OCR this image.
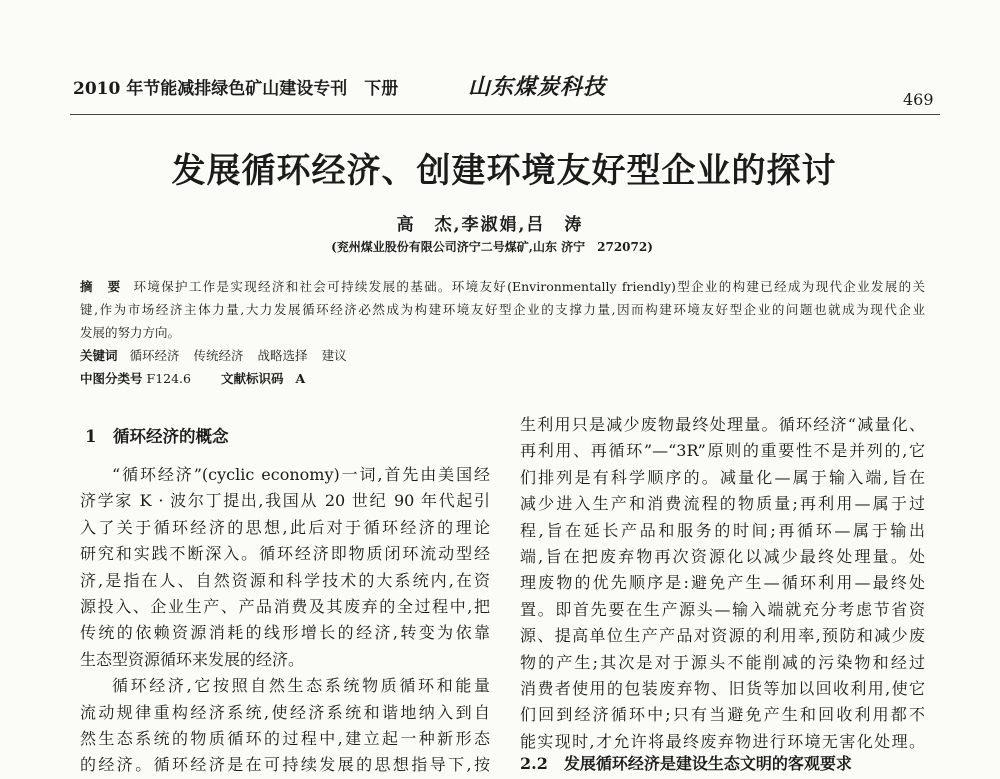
2010 年节能减排绿色矿山建设专刊　下册	山东煤炭科技	469
发展循环经济、创建环境友好型企业的探讨
高　杰,李淑娟,吕　涛
(兖州煤业股份有限公司济宁二号煤矿,山东 济宁　272072)
摘　要 环境保护工作是实现经济和社会可持续发展的基础。环境友好(Environmentally friendly)型企业的构建已经成为现代企业发展的关
键,作为市场经济主体力量,大力发展循环经济必然成为构建环境友好型企业的支撑力量,因而构建环境友好型企业的问题也就成为现代企业
发展的努力方向。
关键词 循环经济 传统经济 战略选择 建议
中图分类号 F124.6 文献标识码 A
1　循环经济的概念
“循环经济”(cyclic economy)一词,首先由美国经
济学家 K · 波尔丁提出,我国从 20 世纪 90 年代起引
入了关于循环经济的思想,此后对于循环经济的理论
研究和实践不断深入。循环经济即物质闭环流动型经
济,是指在人、自然资源和科学技术的大系统内,在资
源投入、企业生产、产品消费及其废弃的全过程中,把
传统的依赖资源消耗的线形增长的经济,转变为依靠
生态型资源循环来发展的经济。
循环经济,它按照自然生态系统物质循环和能量
流动规律重构经济系统,使经济系统和谐地纳入到自
然生态系统的物质循环的过程中,建立起一种新形态
的经济。循环经济是在可持续发展的思想指导下,按
生利用只是减少废物最终处理量。循环经济“减量化、
再利用、再循环”—“3R”原则的重要性不是并列的,它
们排列是有科学顺序的。减量化—属于输入端,旨在
减少进入生产和消费流程的物质量;再利用—属于过
程,旨在延长产品和服务的时间;再循环—属于输出
端,旨在把废弃物再次资源化以减少最终处理量。处
理废物的优先顺序是:避免产生—循环利用—最终处
置。即首先要在生产源头—输入端就充分考虑节省资
源、提高单位生产产品对资源的利用率,预防和减少废
物的产生;其次是对于源头不能削减的污染物和经过
消费者使用的包装废弃物、旧货等加以回收利用,使它
们回到经济循环中;只有当避免产生和回收利用都不
能实现时,才允许将最终废弃物进行环境无害化处理。
2.2　发展循环经济是建设生态文明的客观要求
